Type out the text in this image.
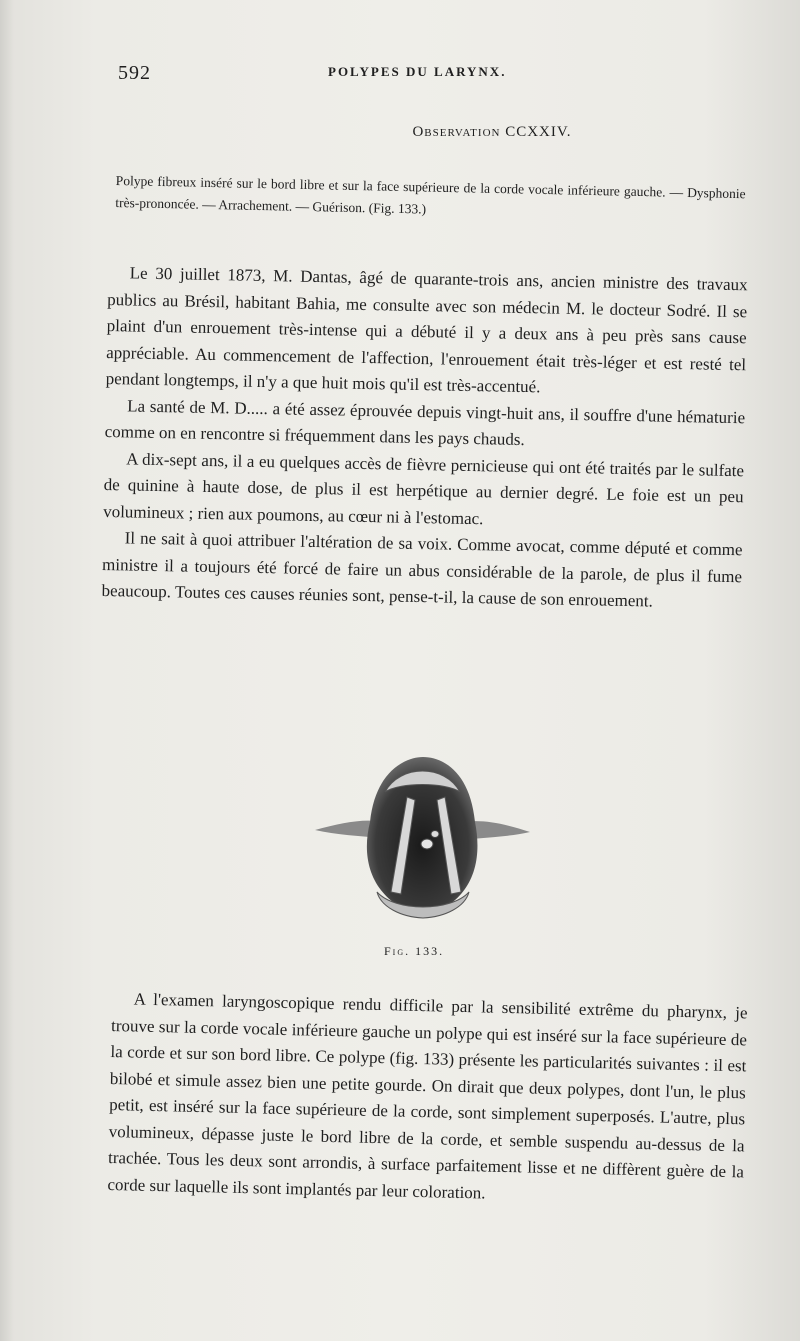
592	POLYPES DU LARYNX.
Observation CCXXIV.

Polype fibreux inséré sur le bord libre et sur la face supérieure de la corde vocale inférieure gauche. — Dysphonie très-prononcée. — Arrachement. — Guérison. (Fig. 133.)

Le 30 juillet 1873, M. Dantas, âgé de quarante-trois ans, ancien ministre des travaux publics au Brésil, habitant Bahia, me consulte avec son médecin M. le docteur Sodré. Il se plaint d'un enrouement très-intense qui a débuté il y a deux ans à peu près sans cause appréciable. Au commencement de l'affection, l'enrouement était très-léger et est resté tel pendant longtemps, il n'y a que huit mois qu'il est très-accentué.

La santé de M. D..... a été assez éprouvée depuis vingt-huit ans, il souffre d'une hématurie comme on en rencontre si fréquemment dans les pays chauds.

A dix-sept ans, il a eu quelques accès de fièvre pernicieuse qui ont été traités par le sulfate de quinine à haute dose, de plus il est herpétique au dernier degré. Le foie est un peu volumineux ; rien aux poumons, au cœur ni à l'estomac.

Il ne sait à quoi attribuer l'altération de sa voix. Comme avocat, comme député et comme ministre il a toujours été forcé de faire un abus considérable de la parole, de plus il fume beaucoup. Toutes ces causes réunies sont, pense-t-il, la cause de son enrouement.

Fig. 133.

A l'examen laryngoscopique rendu difficile par la sensibilité extrême du pharynx, je trouve sur la corde vocale inférieure gauche un polype qui est inséré sur la face supérieure de la corde et sur son bord libre. Ce polype (fig. 133) présente les particularités suivantes : il est bilobé et simule assez bien une petite gourde. On dirait que deux polypes, dont l'un, le plus petit, est inséré sur la face supérieure de la corde, sont simplement superposés. L'autre, plus volumineux, dépasse juste le bord libre de la corde, et semble suspendu au-dessus de la trachée. Tous les deux sont arrondis, à surface parfaitement lisse et ne diffèrent guère de la corde sur laquelle ils sont implantés par leur coloration.
